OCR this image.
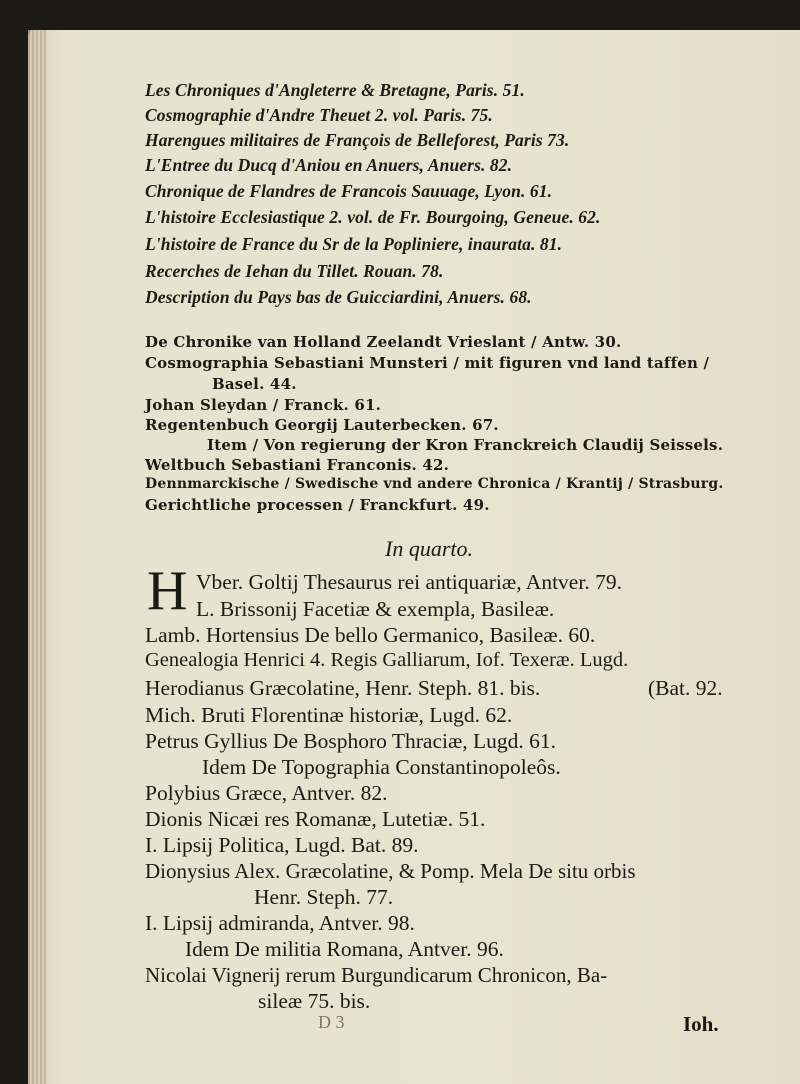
Les Chroniques d'Angleterre & Bretagne, Paris. 51.
Cosmographie d'Andre Theuet 2. vol. Paris. 75.
Harengues militaires de François de Belleforest, Paris 73.
L'Entree du Ducq d'Aniou en Anuers, Anuers. 82.
Chronique de Flandres de Francois Sauuage, Lyon. 61.
L'histoire Ecclesiastique 2. vol. de Fr. Bourgoing, Geneue. 62.
L'histoire de France du Sr de la Popliniere, inaurata. 81.
Recerches de Iehan du Tillet. Rouan. 78.
Description du Pays bas de Guicciardini, Anuers. 68.
De Chronike van Holland Zeelandt Vrieslant / Antw. 30.
Cosmographia Sebastiani Munsteri / mit figuren vnd land taffen /
Basel. 44.
Johan Sleydan / Franck. 61.
Regentenbuch Georgij Lauterbecken. 67.
Item / Von regierung der Kron Franckreich Claudij Seissels.
Weltbuch Sebastiani Franconis. 42.
Dennmarckische / Swedische vnd andere Chronica / Krantij / Strasburg.
Gerichtliche processen / Franckfurt. 49.
In quarto.
H Vber. Goltij Thesaurus rei antiquariæ, Antver. 79.
L. Brissonij Facetiæ & exempla, Basileæ.
Lamb. Hortensius De bello Germanico, Basileæ. 60.
Genealogia Henrici 4. Regis Galliarum, Iof. Texeræ. Lugd.
Herodianus Græcolatine, Henr. Steph. 81. bis.	(Bat. 92.
Mich. Bruti Florentinæ historiæ, Lugd. 62.
Petrus Gyllius De Bosphoro Thraciæ, Lugd. 61.
Idem De Topographia Constantinopoleôs.
Polybius Græce, Antver. 82.
Dionis Nicæi res Romanæ, Lutetiæ. 51.
I. Lipsij Politica, Lugd. Bat. 89.
Dionysius Alex. Græcolatine, & Pomp. Mela De situ orbis
Henr. Steph. 77.
I. Lipsij admiranda, Antver. 98.
Idem De militia Romana, Antver. 96.
Nicolai Vignerij rerum Burgundicarum Chronicon, Ba-
sileæ 75. bis.
D 3	Ioh.
